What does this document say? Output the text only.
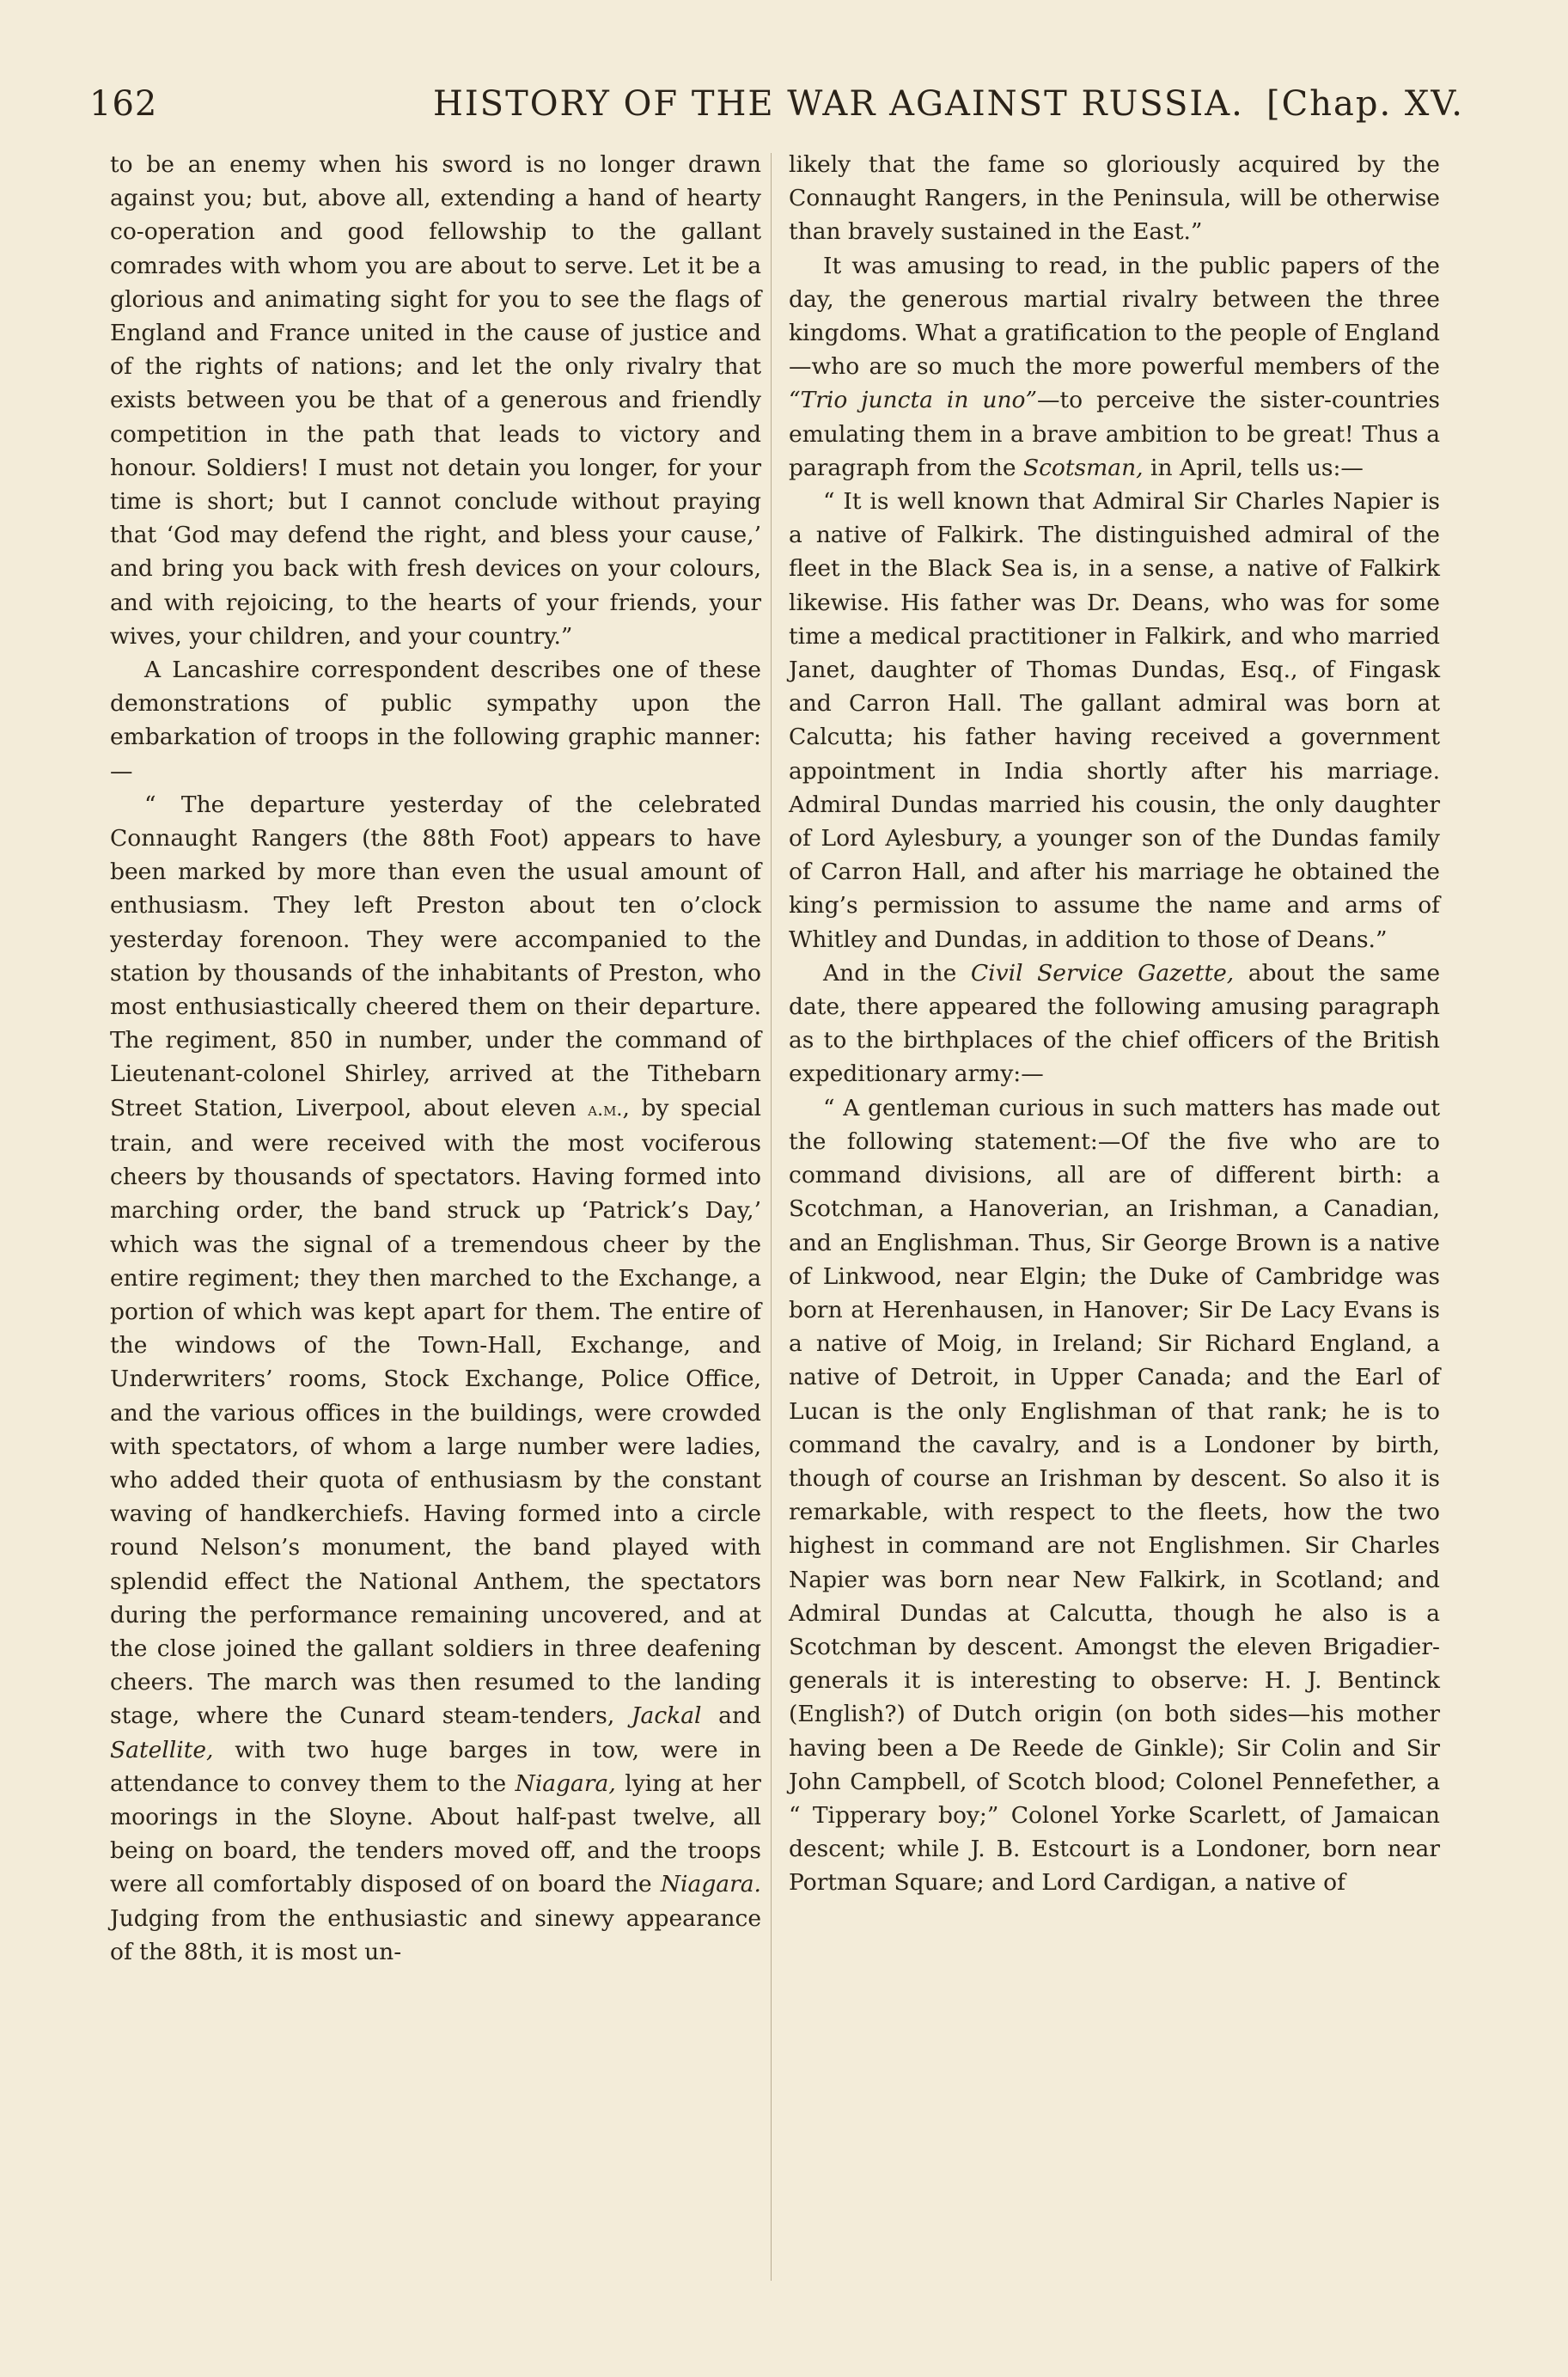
162	HISTORY OF THE WAR AGAINST RUSSIA. [Chap. XV.

to be an enemy when his sword is no longer drawn against you; but, above all, extending a hand of hearty co-operation and good fellowship to the gallant comrades with whom you are about to serve. Let it be a glorious and animating sight for you to see the flags of England and France united in the cause of justice and of the rights of nations; and let the only rivalry that exists between you be that of a generous and friendly competition in the path that leads to victory and honour. Soldiers! I must not detain you longer, for your time is short; but I cannot conclude without praying that ‘God may defend the right, and bless your cause,’ and bring you back with fresh devices on your colours, and with rejoicing, to the hearts of your friends, your wives, your children, and your country.”

A Lancashire correspondent describes one of these demonstrations of public sympathy upon the embarkation of troops in the following graphic manner:—

“ The departure yesterday of the celebrated Connaught Rangers (the 88th Foot) appears to have been marked by more than even the usual amount of enthusiasm. They left Preston about ten o’clock yesterday forenoon. They were accompanied to the station by thousands of the inhabitants of Preston, who most enthusiastically cheered them on their departure. The regiment, 850 in number, under the command of Lieutenant-colonel Shirley, arrived at the Tithebarn Street Station, Liverpool, about eleven a.m., by special train, and were received with the most vociferous cheers by thousands of spectators. Having formed into marching order, the band struck up ‘Patrick’s Day,’ which was the signal of a tremendous cheer by the entire regiment; they then marched to the Exchange, a portion of which was kept apart for them. The entire of the windows of the Town-Hall, Exchange, and Underwriters’ rooms, Stock Exchange, Police Office, and the various offices in the buildings, were crowded with spectators, of whom a large number were ladies, who added their quota of enthusiasm by the constant waving of handkerchiefs. Having formed into a circle round Nelson’s monument, the band played with splendid effect the National Anthem, the spectators during the performance remaining uncovered, and at the close joined the gallant soldiers in three deafening cheers. The march was then resumed to the landing stage, where the Cunard steam-tenders, Jackal and Satellite, with two huge barges in tow, were in attendance to convey them to the Niagara, lying at her moorings in the Sloyne. About half-past twelve, all being on board, the tenders moved off, and the troops were all comfortably disposed of on board the Niagara. Judging from the enthusiastic and sinewy appearance of the 88th, it is most un-

likely that the fame so gloriously acquired by the Connaught Rangers, in the Peninsula, will be otherwise than bravely sustained in the East.”

It was amusing to read, in the public papers of the day, the generous martial rivalry between the three kingdoms. What a gratification to the people of England—who are so much the more powerful members of the “Trio juncta in uno”—to perceive the sister-countries emulating them in a brave ambition to be great! Thus a paragraph from the Scotsman, in April, tells us:—

“ It is well known that Admiral Sir Charles Napier is a native of Falkirk. The distinguished admiral of the fleet in the Black Sea is, in a sense, a native of Falkirk likewise. His father was Dr. Deans, who was for some time a medical practitioner in Falkirk, and who married Janet, daughter of Thomas Dundas, Esq., of Fingask and Carron Hall. The gallant admiral was born at Calcutta; his father having received a government appointment in India shortly after his marriage. Admiral Dundas married his cousin, the only daughter of Lord Aylesbury, a younger son of the Dundas family of Carron Hall, and after his marriage he obtained the king’s permission to assume the name and arms of Whitley and Dundas, in addition to those of Deans.”

And in the Civil Service Gazette, about the same date, there appeared the following amusing paragraph as to the birthplaces of the chief officers of the British expeditionary army:—

“ A gentleman curious in such matters has made out the following statement:—Of the five who are to command divisions, all are of different birth: a Scotchman, a Hanoverian, an Irishman, a Canadian, and an Englishman. Thus, Sir George Brown is a native of Linkwood, near Elgin; the Duke of Cambridge was born at Herenhausen, in Hanover; Sir De Lacy Evans is a native of Moig, in Ireland; Sir Richard England, a native of Detroit, in Upper Canada; and the Earl of Lucan is the only Englishman of that rank; he is to command the cavalry, and is a Londoner by birth, though of course an Irishman by descent. So also it is remarkable, with respect to the fleets, how the two highest in command are not Englishmen. Sir Charles Napier was born near New Falkirk, in Scotland; and Admiral Dundas at Calcutta, though he also is a Scotchman by descent. Amongst the eleven Brigadier-generals it is interesting to observe: H. J. Bentinck (English?) of Dutch origin (on both sides—his mother having been a De Reede de Ginkle); Sir Colin and Sir John Campbell, of Scotch blood; Colonel Pennefether, a “ Tipperary boy;” Colonel Yorke Scarlett, of Jamaican descent; while J. B. Estcourt is a Londoner, born near Portman Square; and Lord Cardigan, a native of
